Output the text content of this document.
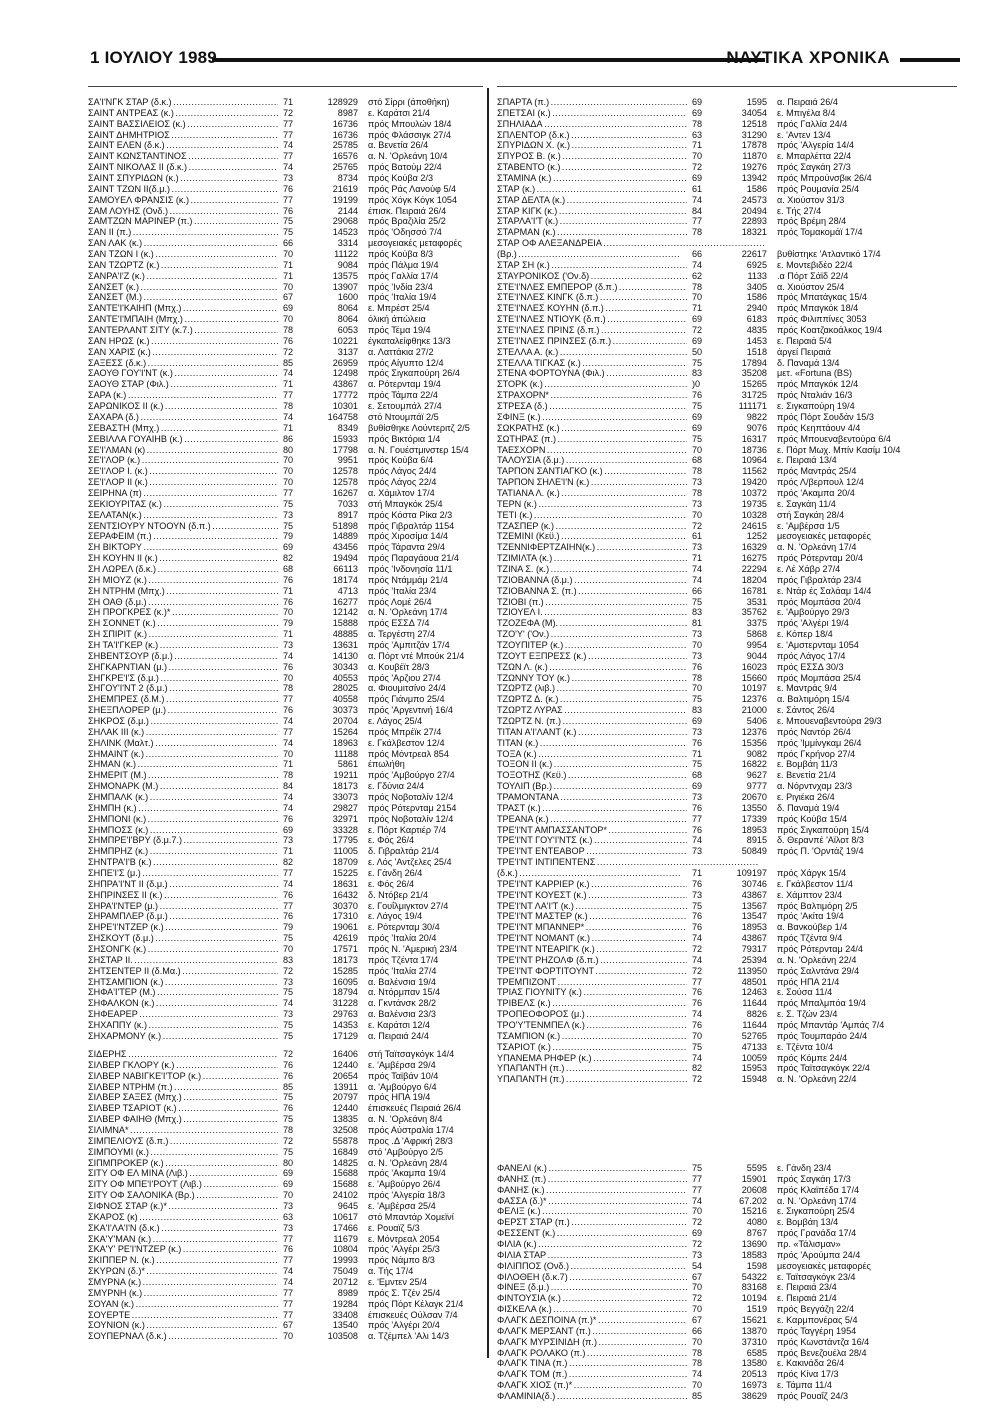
1 ΙΟΥΛΙΟΥ 1989	ΝΑΥΤΙΚΑ ΧΡΟΝΙΚΑ
ΣΑ'Ι'ΝΓΚ ΣΤΑΡ (δ.κ.) . . .	71	128929 στό Σίρρι (άποθήκη)
ΣΑΙΝΤ ΑΝΤΡΕΑΣ (κ.) . . .	72	8987 ε. Καράτσι 21/4
ΣΑΙΝΤ ΒΑΣΣΙΛΕΙΟΣ (κ.) . . .	77	16736 πρός Μπουλών 18/4
ΣΑΙΝΤ ΔΗΜΗΤΡΙΟΣ . . .	77	16736 πρός Φλάσσιγκ 27/4
ΣΑΙΝΤ ΕΛΕΝ (δ.κ.) . . .	74	25785 α. Βενετία 26/4
ΣΑΙΝΤ ΚΩΝΣΤΑΝΤΙΝΟΣ . . .	77	16576 α. Ν. 'Ορλεάνη 10/4
ΣΑΙΝΤ ΝΙΚΟΛΑΣ ΙΙ (δ.κ.) . . .	74	25765 πρός Βατούμ 22/4
ΣΑΙΝΤ ΣΠΥΡΙΔΩΝ (κ.) . . .	73	8734 πρός Κούβα 2/3
ΣΑΙΝΤ ΤΖΩΝ ΙΙ(δ.μ.) . . .	76	21619 πρός Ράς Λανούφ 5/4
ΣΑΜΟΥΕΛ ΦΡΑΝΣΙΣ (κ.) . . .	77	19199 πρός Χόγκ Κόγκ 1054
ΣΑΜ ΛΟΥΗΣ (Ονδ.) . . .	76	2144 έπισκ. Πειραιά 26/4
ΣΑΜΤΖΩΝ ΜΑΡΙΝΕΡ (π.) . . .	75	29068 πρός Βραζιλία 25/2
ΣΑΝ ΙΙ (π.) . . .	75	14523 πρός 'Οδησσό 7/4
ΣΑΝ ΛΑΚ (κ.) . . .	66	3314 μεσογειακές μεταφορές
ΣΑΝ ΤΖΩΝ Ι (κ.) . . .	70	11122 πρός Κούβα 8/3
ΣΑΝ ΤΖΩΡΤΖ (κ.) . . .	71	9084 πρός Πάλμα 19/4
ΣΑΝΡΑ'Ι'Ζ (κ.) . . .	71	13575 πρός Γαλλία 17/4
ΣΑΝΣΕΤ (κ.) . . .	70	13907 πρός 'Ινδία 23/4
ΣΑΝΣΕΤ (Μ.) . . .	67	1600 πρός 'Ιταλία 19/4
ΣΑΝΤΕ'Ι'ΚΑΙΗΠ (Μπχ.) . . .	69	8064 ε. Μπρέστ 25/4
ΣΑΝΤΕ'Ι'ΜΠΑΙΗ (Μπχ.) . . .	70	8064 όλική άπώλεια
ΣΑΝΤΕΡΛΑΝΤ ΣΙΤΥ (κ.7.) . . .	78	6053 πρός Τέμα 19/4
ΣΑΝ ΗΡΩΣ (κ.) . . .	76	10221 έγκαταλείφθηκε 13/3
ΣΑΝ ΧΑΡΙΣ (κ.) . . .	72	3137 α. Λαττάκια 27/2
ΣΑΞΕΣΣ (δ.κ.) . . .	85	26959 πρός Αίγυπτο 12/4
ΣΑΟΥΘ ΓΟΥ'Ι'ΝΤ (κ.) . . .	74	12498 πρός Σιγκαπούρη 26/4
ΣΑΟΥΘ ΣΤΑΡ (Φιλ.) . . .	71	43867 α. Ρότερνταμ 19/4
ΣΑΡΑ (κ.) . . .	77	17772 πρός Τάμπα 22/4
ΣΑΡΩΝΙΚΟΣ ΙΙ (κ.) . . .	78	10301 ε. Σετουμπάλ 27/4
ΣΑΧΑΡΑ (δ.) . . .	74	164758 στό Ντουμπάϊ 2/5
ΣΕΒΑΣΤΗ (Μπχ.) . . .	71	8349 βυθίσθηκε Λούντεριτζ 2/5
ΣΕΒΙΛΛΑ ΓΟΥΑΙΗΒ (κ.) . . .	86	15933 πρός Βικτόρια 1/4
ΣΕ'Ι'ΛΜΑΝ (κ) . . .	80	17798 α. Ν. Γουέστμινστερ 15/4
ΣΕ'Ι'ΛΟΡ (κ.) . . .	70	9951 πρός Κούβα 6/4
ΣΕ'Ι'ΛΟΡ Ι. (κ.) . . .	70	12578 πρός Λάγος 24/4
ΣΕ'Ι'ΛΟΡ ΙΙ (κ.) . . .	70	12578 πρός Λάγος 22/4
ΣΕΙΡΗΝΑ (π) . . .	77	16267 α. Χάμιλτον 17/4
ΣΕΚΙΟΥΡΙΤΑΣ (κ.) . . .	75	7033 στή Μπαγκόκ 25/4
ΣΕΛΑΤΑΝ(κ.) . . .	73	8917 πρός Κόστα Ρίκα 2/3
ΣΕΝΤΣΙΟΥΡΥ ΝΤΟΟΥΝ (δ.π.) . . .	75	51898 πρός Γιβραλτάρ 1154
ΣΕΡΑΦΕΙΜ (π.) . . .	79	14889 πρός Χιροσίμα 14/4
ΣΗ ΒΙΚΤΟΡΥ . . .	69	43456 πρός Τάραντα 29/4
ΣΗ ΚΟΥΗΝ ΙΙ (κ.) . . .	82	19494 πρός Παραγάουα 21/4
ΣΗ ΛΩΡΕΛ (δ.κ.) . . .	68	66113 πρός 'Ινδονησία 11/1
ΣΗ ΜΙΟΥΖ (κ.) . . .	76	18174 πρός Ντάμμάμ 21/4
ΣΗ ΝΤΡΗΜ (Μπχ.) . . .	71	4713 πρός 'Ιταλία 23/4
ΣΗ ΟΑΘ (δ.μ.) . . .	76	16277 πρός Λομέ 26/4
ΣΗ ΠΡΟΓΚΡΕΣ (κ.)* . . .	70	12142 α. Ν. 'Ορλεάνη 17/4
ΣΗ ΣΟΝΝΕΤ (κ.) . . .	79	15888 πρός ΕΣΣΔ 7/4
ΣΗ ΣΠΙΡΙΤ (κ.) . . .	71	48885 α. Τεργέστη 27/4
ΣΗ ΤΑ'Ι'ΓΚΕΡ (κ.) . . .	73	13631 πρός 'Αμπιτζάν 17/4
ΣΗΒΕΝΤΣΟΥΡ (δ.μ.) . . .	74	14130 α. Πόρτ ντέ Μπούκ 21/4
ΣΗΓΚΑΡΝΤΙΑΝ (μ.) . . .	76	30343 α. Κουβέϊτ 28/3
ΣΗΓΚΡΕ'Ι'Σ (δ.μ.) . . .	70	40553 πρός 'Αρζιου 27/4
ΣΗΓΟΥ'Ι'ΝΤ 2 (δ.μ.) . . .	78	28025 α. Φιουμιτσίνο 24/4
ΣΗΕΜΠΡΕΣ (δ.Μ.) . . .	77	40558 πρός Γιάνμπο 25/4
ΣΗΕΞΠΛΟΡΕΡ (μ.) . . .	76	30373 πρός 'Αργεντινή 16/4
ΣΗΚΡΟΣ (δ.μ.) . . .	74	20704 ε. Λάγος 25/4
ΣΗΛΑΚ ΙΙΙ (κ.) . . .	77	15264 πρός Μπρέϊκ 27/4
ΣΗΛΙΝΚ (Μαλτ.) . . .	74	18963 ε. Γκάλβεστον 12/4
ΣΗΜΑΙΝΤ (κ.) . . .	70	11188 πρός Μόντρεαλ 854
ΣΗΜΑΝ (κ.) . . .	71	5861 έπωλήθη
ΣΗΜΕΡΙΤ (Μ.) . . .	78	19211 πρός 'Αμβούργο 27/4
ΣΗΜΟΝΑΡΚ (Μ.) . . .	84	18173 ε. Γδύνια 24/4
ΣΗΜΠΑΛΚ (κ.) . . .	74	33073 πρός Νοβοταλίν 12/4
ΣΗΜΠΗ (κ.) . . .	74	29827 πρός Ρότερνταμ 2154
ΣΗΜΠΟΝΙ (κ.) . . .	76	32971 πρός Νοβοταλίν 12/4
ΣΗΜΠΟΣΣ (κ.) . . .	69	33328 ε. Πόρτ Καρτιέρ 7/4
ΣΗΜΠΡΕ'Ι'ΒΡΥ (δ.μ.7.) . . .	73	17795 ε. Φός 26/4
ΣΗΜΠΡΗΖ (κ.) . . .	71	11005 δ. Γιβραλτάρ 21/4
ΣΗΝΤΡΑ'Ι'Β (κ.) . . .	82	18709 ε. Λός 'Αντζελες 25/4
ΣΗΠΕ'Ι'Σ (μ.) . . .	77	15225 ε. Γάνδη 26/4
ΣΗΠΡΑ'Ι'ΝΤ ΙΙ (δ.μ.) . . .	74	18631 ε. Φός 26/4
ΣΗΠΡΙΝΣΕΣ ΙΙ (κ.) . . .	76	16432 δ. Ντόβερ 21/4
ΣΗΡΑ'Ι'ΝΤΕΡ (μ.) . . .	77	30370 ε. Γουΐλμιγκτον 27/4
ΣΗΡΑΜΠΛΕΡ (δ.μ.) . . .	76	17310 ε. Λάγος 19/4
ΣΗΡΕ'Ι'ΝΤΖΕΡ (κ.) . . .	79	19061 ε. Ρότερνταμ 30/4
ΣΗΣΚΟΥΤ (δ.μ.) . . .	75	42619 πρός 'Ιταλία 20/4
ΣΗΣΟΝΓΚ (κ.) . . .	70	17571 πρός Ν. 'Αμερική 23/4
ΣΗΣΤΑΡ ΙΙ. . . .	83	18173 πρός Τζέντα 17/4
ΣΗΤΣΕΝΤΕΡ ΙΙ (δ.Μα.) . . .	72	15285 πρός 'Ιταλία 27/4
ΣΗΤΣΑΜΠΙΟΝ (κ.) . . .	73	16095 α. Βαλένσια 19/4
ΣΗΦΑ'Ι'ΤΕΡ (Μ.) . . .	75	18794 α. Ντόρμπαν 15/4
ΣΗΦΑΛΚΟΝ (κ.) . . .	74	31228 α. Γκντάνσκ 28/2
ΣΗΦΕΑΡΕΡ . . .	73	29763 α. Βαλένσια 23/3
ΣΗΧΑΠΠΥ (κ.) . . .	75	14353 ε. Καράτσι 12/4
ΣΗΧΑΡΜΟΝΥ (κ.) . . .	75	17129 α. Πειραιά 24/4
ΣΙΔΕΡΗΣ . . .	72	16406 στή Ταϊτσαγκόγκ 14/4
ΣΙΛΒΕΡ ΓΚΛΟΡΥ (κ.) . . .	76	12440 ε. 'Αμβέρσα 29/4
ΣΙΛΒΕΡ ΝΑΒΙΓΚΕ'Ι'ΤΟΡ (κ.) . . .	76	20654 πρός Ταϊβάν 10/4
ΣΙΛΒΕΡ ΝΤΡΗΜ (π.) . . .	85	13911 α. 'Αμβούργο 6/4
ΣΙΛΒΕΡ ΣΑΞΕΣ (Μπχ.) . . .	75	20797 πρός ΗΠΑ 19/4
ΣΙΛΒΕΡ ΤΣΑΡΙΟΤ (κ.) . . .	76	12440 έπισκευές Πειραιά 26/4
ΣΙΛΒΕΡ ΦΑΙΗΘ (Μπχ.) . . .	75	13835 α. Ν. 'Ορλεάνη 8/4
ΣΙΛΙΜΝΑ* . . .	78	32508 πρός Αύστραλία 17/4
ΣΙΜΠΕΛΙΟΥΣ (δ.π.) . . .	72	55878 προς .Δ 'Αφρική 28/3
ΣΙΜΠΟΥΜΙ (κ.) . . .	75	16849 στό 'Αμβούργο 2/5
ΣΙΠΜΠΡΟΚΕΡ (κ.) . . .	80	14825 α. Ν. 'Ορλεάνη 28/4
ΣΙΤΥ ΟΦ ΕΛ ΜΙΝΑ (Λιβ.) . . .	69	15688 πρός 'Ακαμπα 19/4
ΣΙΤΥ ΟΦ ΜΠΕ'Ι'ΡΟΥΤ (Λιβ.) . . .	69	15688 ε. 'Αμβούργο 26/4
ΣΙΤΥ ΟΦ ΣΑΛΟΝΙΚΑ (Βρ.) . . .	70	24102 πρός 'Αλγερία 18/3
ΣΙΦΝΟΣ ΣΤΑΡ (κ.)* . . .	73	9645 ε. 'Αμβέρσα 25/4
ΣΚΑΡΟΣ (κ) . . .	63	10617 στό Μπαντάρ Χομεϊνί
ΣΚΑ'Ι'ΛΑ'Ι'Ν (δ.κ.) . . .	73	17466 ε. Ρουαϊζ 5/3
ΣΚΑ'Υ'ΜΑΝ (κ.) . . .	77	11679 ε. Μόντρεαλ 2054
ΣΚΑ'Υ' ΡΕ'Ι'ΝΤΖΕΡ (κ.) . . .	76	10804 πρός 'Αλγέρι 25/3
ΣΚΙΠΠΕΡ Ν. (κ.) . . .	77	19993 πρός Νάμπο 8/3
ΣΚΥΡΩΝ (δ.)* . . .	74	75049 α. Τής 17/4
ΣΜΥΡΝΑ (κ.) . . .	74	20712 ε. 'Εμντεν 25/4
ΣΜΥΡΝΗ (κ.) . . .	77	8989 πρός Σ. Τζέν 25/4
ΣΟΥΑΝ (κ.) . . .	77	19284 πρός Πόρτ Κέλαγκ 21/4
ΣΟΥΕΡΤΕ . . .	77	33408 έπισκευές Ούλσαν 7/4
ΣΟΥΝΙΟΝ (κ.) . . .	67	13540 πρός 'Αλγέρι 20/4
ΣΟΥΠΕΡΝΑΛ (δ.κ.) . . .	70	103508 α. Τζέμπελ 'Αλι 14/3
ΣΠΑΡΤΑ (π.) . . .	69	1595 α. Πειραιά 26/4
ΣΠΕΤΣΑΙ (κ.) . . .	69	34054 ε. Μπιγέλα 8/4
ΣΠΗΛΙΑΔΑ . . .	78	12518 πρός Γαλλία 24/4
ΣΠΛΕΝΤΟΡ (δ.κ.) . . .	63	31290 ε. 'Αντεν 13/4
ΣΠΥΡΙΔΩΝ Χ. (κ.) . . .	71	17878 πρός 'Αλγερία 14/4
ΣΠΥΡΟΣ Β. (κ.) . . .	70	11870 ε. Μπαρλέττα 22/4
ΣΤΑΒΕΝΤΟ (κ.) . . .	72	19276 πρός Σαγκάη 27/3
ΣΤΑΜΙΝΑ (κ.) . . .	69	13942 πρός Μπρούνσβικ 26/4
ΣΤΑΡ (κ.) . . .	61	1586 πρός Ρουμανία 25/4
ΣΤΑΡ ΔΕΛΤΑ (κ.) . . .	74	24573 α. Χιούστον 31/3
ΣΤΑΡ ΚΙΓΚ (κ.) . . .	84	20494 ε. Τής 27/4
ΣΤΑΡΛΑ'Ι'Τ (κ.) . . .	77	22893 πρός Βρέμη 28/4
ΣΤΑΡΜΑΝ (κ.) . . .	78	18321 πρός Τομακομάϊ 17/4
ΣΤΑΡ ΟΦ ΑΛΕΞΑΝΔΡΕΙΑ . . .
(Βρ.) . . .	66	22617 βυθίστηκε 'Ατλαντικό 17/4
ΣΤΑΡ ΣΗ (κ.) . . .	74	6925 ε. Μοντεβιδέο 22/4
ΣΤΑΥΡΟΝΙΚΟΣ ('Ον.δ) . . .	62	1133 .α Πόρτ Σάϊδ 22/4
ΣΤΕ'Ι'ΝΛΕΣ ΕΜΠΕΡΟΡ (δ.π.) . . .	78	3405 α. Χιούστον 25/4
ΣΤΕ'Ι'ΝΛΕΣ ΚΙΝΓΚ (δ.π.) . . .	70	1586 πρός Μπατάγκας 15/4
ΣΤΕ'Ι'ΝΛΕΣ ΚΟΥΗΝ (δ.π.) . . .	71	2940 πρός Μπαγκόκ 18/4
ΣΤΕ'Ι'ΝΛΕΣ ΝΤΙΟΥΚ (δ.π.) . . .	69	6183 πρός Φιλιππίνες 3053
ΣΤΕ'Ι'ΝΛΕΣ ΠΡΙΝΣ (δ.π.) . . .	72	4835 πρός Κοατζακοάλκος 19/4
ΣΤΕ'Ι'ΝΛΕΣ ΠΡΙΝΣΕΣ (δ.π.) . . .	69	1453 ε. Πειραιά 5/4
ΣΤΕΛΛΑ Α. (κ.) . . .	50	1518 άργεί Πειραιά
ΣΤΕΛΛΑ ΤΙΓΚΑΣ (κ.) . . .	75	17894 δ. Παναμά 13/4
ΣΤΕΝΑ ΦΟΡΤΟΥΝΑ (Φιλ.) . . .	83	35208 μετ. «Fortuna (BS)
ΣΤΟΡΚ (κ.) . . .	)0	15265 πρός Μπαγκόκ 12/4
ΣΤΡΑΧΟΡΝ* . . .	76	31725 πρός Νταλιάν 16/3
ΣΤΡΕΣΑ (δ.) . . .	75	111171 ε. Σιγκαπούρη 19/4
ΣΦΙΝΞ (κ.) . . .	69	9822 πρός Πόρτ Σουδάν 15/3
ΣΩΚΡΑΤΗΣ (κ.) . . .	69	9076 πρός Κεηπτάουν 4/4
ΣΩΤΗΡΑΣ (π.) . . .	75	16317 πρός Μπουεναβεντούρα 6/4
ΤΑΕΣΧΟΡΝ . . .	70	18736 ε. Πόρτ Μωχ. Μπίν Κασίμ 10/4
ΤΑΛΟΥΣΙΑ (δ.μ.) . . .	68	10964 ε. Πειραιά 13/4
ΤΑΡΠΟΝ ΣΑΝΤΙΑΓΚΟ (κ.) . . .	78	11562 πρός Μαντράς 25/4
ΤΑΡΠΟΝ ΣΗΛΕ'Ι'Ν (κ.) . . .	73	19420 πρός Λ/βερπουλ 12/4
ΤΑΤΙΑΝΑ Λ. (κ.) . . .	78	10372 πρός 'Ακαμπα 20/4
ΤΕΡΝ (κ.) . . .	73	19735 ε. Σαγκάη 11/4
ΤΕΤΙ (κ.) . . .	70	10328 στή Σαγκάη 28/4
ΤΖΑΣΠΕΡ (κ.) . . .	72	24615 ε. 'Αμβέρσα 1/5
ΤΖΕΜΙΝΙ (Κεϋ.) . . .	61	1252 μεσογειακές μεταφορές
ΤΖΕΝΝΙΦΕΡΤΖΑΙΗΝ(κ.) . . .	73	16329 α. Ν. 'Ορλεάνη 17/4
ΤΖΙΜΙΛΤΑ (κ.) . . .	71	16275 πρός Ρότερνταμ 20/4
ΤΖΙΝΑ Σ. (κ.) . . .	74	22294 ε. Λέ Χάβρ 27/4
ΤΖΙΟΒΑΝΝΑ (δ.μ.) . . .	74	18204 πρός Γιβραλτάρ 23/4
ΤΖΙΟΒΑΝΝΑ Σ. (π.) . . .	66	16781 ε. Ντάρ ές Σαλάαμ 14/4
ΤΖΙΟΒΙ (π.) . . .	75	3531 πρός Μομπάσα 20/4
ΤΖΙΟΥΕΛ Ι. . . .	83	35762 ε. 'Αμβούργο 29/3
ΤΖΟΖΕΦΑ (Μ). . . .	81	3375 πρός 'Αλγέρι 19/4
ΤΖΟ'Υ' ('Ον.) . . .	73	5868 ε. Κόπερ 18/4
ΤΖΟΥΠΙΤΕΡ (κ.) . . .	70	9954 ε. 'Αμστερνταμ 1054
ΤΖΟΥΤ ΕΞΠΡΕΣΣ (κ.) . . .	73	9044 πρός Λάγος 17/4
ΤΖΩΝ Λ. (κ.) . . .	76	16023 πρός ΕΣΣΔ 30/3
ΤΖΩΝΝΥ ΤΟΥ (κ.) . . .	78	15660 πρός Μομπάσα 25/4
ΤΖΩΡΤΖ (λιβ.) . . .	70	10197 ε. Μαντράς 9/4
ΤΖΩΡΤΖ Δ. (κ.) . . .	75	12376 α. Βαλτιμόρη 15/4
ΤΖΩΡΤΖ ΛΥΡΑΣ . . .	83	21000 ε. Σάντος 26/4
ΤΖΩΡΤΖ Ν. (π.) . . .	69	5406 ε. Μπουεναβεντούρα 29/3
ΤΙΤΑΝ Α'Ι'ΛΑΝΤ (κ.) . . .	73	12376 πρός Ναντόρ 26/4
ΤΙΤΑΝ (κ.) . . .	76	15356 πρός 'Ιμμίνγκαμ 26/4
ΤΟΞΑ (κ.) . . .	71	9082 πρός Γκρήνορ 27/4
ΤΟΞΟΝ ΙΙ (κ.) . . .	75	16822 ε. Βομβάη 11/3
ΤΟΞΟΤΗΣ (Κεϋ.) . . .	68	9627 ε. Βενετία 21/4
ΤΟΥΛΙΠ (Βρ.) . . .	69	9777 α. Νόρντνχαμ 23/3
ΤΡΑΜΟΝΤΑΝΑ . . .	73	20670 ε. Ριγιέκα 26/4
ΤΡΑΣΤ (κ.) . . .	76	13550 δ. Παναμά 19/4
ΤΡΕΑΝΑ (κ.) . . .	77	17339 πρός Κούβα 15/4
ΤΡΕ'Ι'ΝΤ ΑΜΠΑΣΣΑΝΤΟΡ* . . .	76	18953 πρός Σιγκαπούρη 15/4
ΤΡΕ'Ι'ΝΤ ΓΟΥ'Ι'ΝΤΣ (κ.) . . .	74	8915 δ. Θερανπέ 'Αϊλοτ 8/3
ΤΡΕ'Ι'ΝΤ ΕΝΤΕΑΒΟΡ . . .	73	50849 πρός Π. 'Ορντάζ 19/4
ΤΡΕ'Ι'ΝΤ ΙΝΤΙΠΕΝΤΕΝΣ . . .
(δ.κ.) . . .	71	109197 πρός Χάργκ 15/4
ΤΡΕ'Ι'ΝΤ ΚΑΡΡΙΕΡ (κ.) . . .	76	30746 ε. Γκάλβεστον 11/4
ΤΡΕ'Ι'ΝΤ ΚΟΥΕΣΤ (κ.) . . .	73	43867 ε. Χάμπτον 23/4
ΤΡΕ'Ι'ΝΤ ΛΑ'Ι'Τ (κ.) . . .	75	13567 πρός Βαλτιμόρη 2/5
ΤΡΕ'Ι'ΝΤ ΜΑΣΤΕΡ (κ.) . . .	76	13547 πρός 'Ακίτα 19/4
ΤΡΕ'Ι'ΝΤ ΜΠΑΝΝΕΡ* . . .	76	18953 α. Βανκούβερ 1/4
ΤΡΕ'Ι'ΝΤ ΝΟΜΑΝΤ (κ.) . . .	74	43867 πρός Τζέντα 9/4
ΤΡΕ'Ι'ΝΤ ΝΤΕΑΡΙΓΚ (κ.) . . .	72	79317 πρός Ρότερνταμ 24/4
ΤΡΕ'Ι'ΝΤ ΡΗΖΟΛΦ (δ.π.) . . .	74	25394 α. Ν. 'Ορλεάνη 22/4
ΤΡΕ'Ι'ΝΤ ΦΟΡΤΙΤΟΥΝΤ . . .	72	113950 πρός Σαλντάνα 29/4
ΤΡΕΜΠΙΖΟΝΤ . . .	77	48501 πρός ΗΠΑ 21/4
ΤΡΙΑΣ ΓΙΟΥΝΙΤΥ (κ.) . . .	76	12463 ε. Σούσα 11/4
ΤΡΙΒΕΛΣ (κ.) . . .	76	11644 πρός Μπαλμπόα 19/4
ΤΡΟΠΕΟΦΟΡΟΣ (μ.) . . .	74	8826 ε. Σ. Τζών 23/4
ΤΡΟ'Υ'ΤΕΝΜΠΕΛ (κ.) . . .	76	11644 πρός Μπαντάρ 'Αμπάς 7/4
ΤΣΑΜΠΙΟΝ (κ.) . . .	70	52765 πρός Τουμπαράο 24/4
ΤΣΑΡΙΟΤ (κ.) . . .	75	47133 ε. Τζέντα 10/4
ΥΠΑΝΕΜΑ ΡΗΦΕΡ (κ.) . . .	74	10059 πρός Κόμπε 24/4
ΥΠΑΠΑΝΤΗ (π.) . . .	82	15953 πρός Ταϊτσαγκόγκ 22/4
ΥΠΑΠΑΝΤΗ (π.) . . .	72	15948 α. Ν. 'Ορλεάνη 22/4
ΦΑΝΕΛΙ (κ.) . . .	75	5595 ε. Γάνδη 23/4
ΦΑΝΗΣ (π.) . . .	77	15901 πρός Σαγκάη 17/3
ΦΑΝΗΣ (κ.) . . .	77	20608 πρός Κλαϊπέδα 17/4
ΦΑΣΣΑ (δ.)* . . .	74	67.202 α. Ν. 'Ορλεάνη 17/4
ΦΕΛΙΞ (κ.) . . .	70	15216 ε. Σιγκαπούρη 25/4
ΦΕΡΣΤ ΣΤΑΡ (π.) . . .	72	4080 ε. Βομβάη 13/4
ΦΕΣΣΕΝΤ (κ.) . . .	69	8767 πρός Γρανάδα 17/4
ΦΙΛΙΑ (κ.) . . .	72	13690 πρ. «Τάλισμαν»
ΦΙΛΙΑ ΣΤΑΡ . . .	73	18583 πρός 'Αρούμπα 24/4
ΦΙΛΙΠΠΟΣ (Ονδ.) . . .	54	1598 μεσογειακές μεταφορές
ΦΙΛΟΘΕΗ (δ.κ.7) . . .	67	54322 ε. Ταϊτσαγκόγκ 23/4
ΦΙΝΕΞ (δ.μ.) . . .	70	83168 ε. Πειραιά 23/4
ΦΙΝΤΟΥΣΙΑ (κ.) . . .	72	10194 ε. Πειραιά 21/4
ΦΙΣΚΕΛΑ (κ.) . . .	70	1519 πρός Βεγγάζη 22/4
ΦΛΑΓΚ ΔΕΣΠΟΙΝΑ (π.)* . . .	67	15621 ε. Καρμπονέρας 5/4
ΦΛΑΓΚ ΜΕΡΣΑΝΤ (π.) . . .	66	13870 πρός Ταγγέρη 1954
ΦΛΑΓΚ ΜΥΡΣΙΝΙΔΗ (π.) . . .	70	37310 πρός Κωνστάντζα 16/4
ΦΛΑΓΚ ΡΟΛΑΚΟ (π.) . . .	78	6585 πρός Βενεζουέλα 28/4
ΦΛΑΓΚ ΤΙΝΑ (π.) . . .	78	13580 ε. Κακινάδα 26/4
ΦΛΑΓΚ ΤΟΜ (π.) . . .	74	20513 πρός Κίνα 17/3
ΦΛΑΓΚ ΧΙΟΣ (π.)* . . .	70	16973 ε. Τάμπα 11/4
ΦΛΑΜΙΝΙΑ(δ.) . . .	85	38629 πρός Ρουαΐζ 24/3
